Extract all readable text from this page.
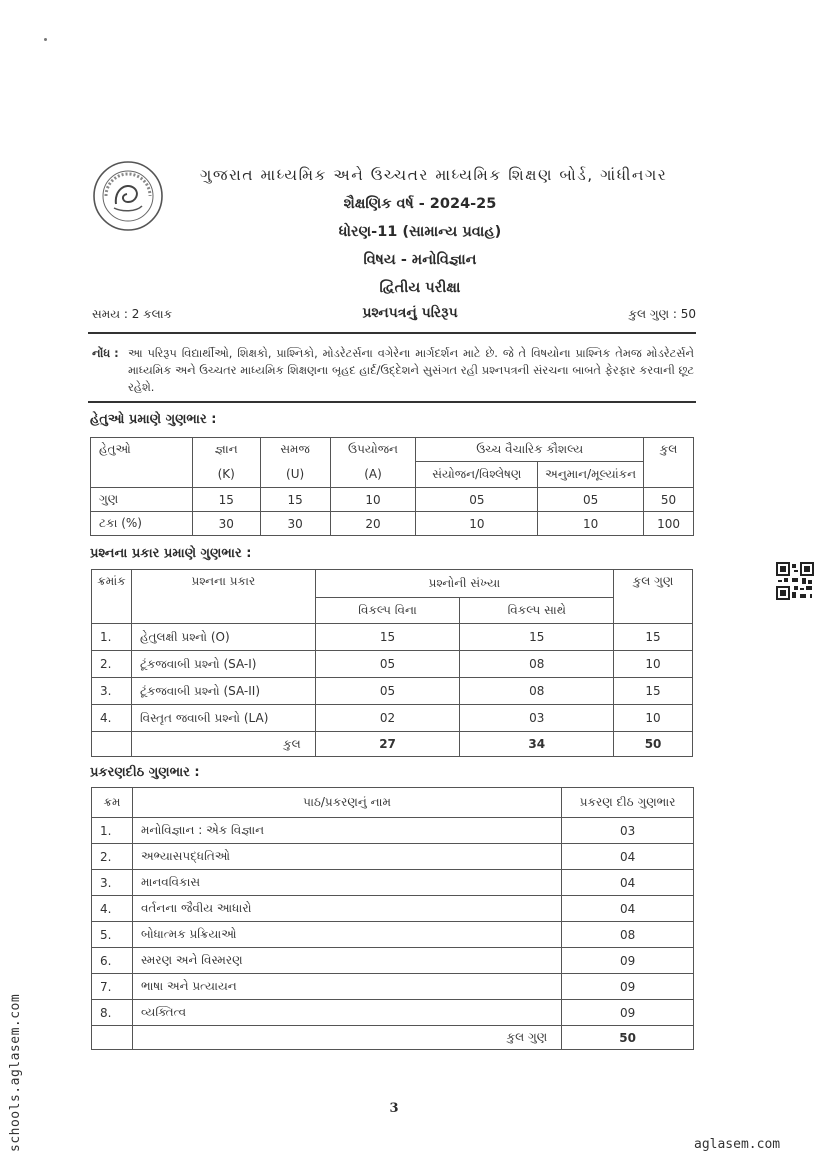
ગુજરાત માધ્યમિક અને ઉચ્ચતર માધ્યમિક શિક્ષણ બોર્ડ, ગાંધીનગર
શૈક્ષણિક વર્ષ - 2024-25
ધોરણ-11 (સામાન્ય પ્રવાહ)
વિષય - મનોવિજ્ઞાન
દ્વિતીય પરીક્ષા
સમય : 2 કલાક	પ્રશ્નપત્રનું પરિરૂપ	કુલ ગુણ : 50
નોંધ : આ પરિરૂપ વિદ્યાર્થીઓ, શિક્ષકો, પ્રાશ્નિકો, મોડરેટર્સના વગેરેના માર્ગદર્શન માટે છે. જે તે વિષયોના પ્રાશ્નિક તેમજ મોડરેટર્સને માધ્યમિક અને ઉચ્ચતર માધ્યમિક શિક્ષણના બૃહદ હાર્દ/ઉદ્દેશને સુસંગત રહી પ્રશ્નપત્રની સંરચના બાબતે ફેરફાર કરવાની છૂટ રહેશે.
હેતુઓ પ્રમાણે ગુણભાર :
હેતુઓ	જ્ઞાન	સમજ	ઉપયોજન	ઉચ્ચ વૈચારિક કૌશલ્ય		કુલ
	(K)	(U)	(A)	સંયોજન/વિશ્લેષણ	અનુમાન/મૂલ્યાંકન	
ગુણ	15	15	10	05	05	50
ટકા (%)	30	30	20	10	10	100
પ્રશ્નના પ્રકાર પ્રમાણે ગુણભાર :
ક્રમાંક	પ્રશ્નના પ્રકાર	પ્રશ્નોની સંખ્યા		કુલ ગુણ
		વિકલ્પ વિના	વિકલ્પ સાથે	
1.	હેતુલક્ષી પ્રશ્નો (O)	15	15	15
2.	ટૂંકજવાબી પ્રશ્નો (SA-I)	05	08	10
3.	ટૂંકજવાબી પ્રશ્નો (SA-II)	05	08	15
4.	વિસ્તૃત જવાબી પ્રશ્નો (LA)	02	03	10
	કુલ	27	34	50
પ્રકરણદીઠ ગુણભાર :
ક્રમ	પાઠ/પ્રકરણનું નામ	પ્રકરણ દીઠ ગુણભાર
1.	મનોવિજ્ઞાન : એક વિજ્ઞાન	03
2.	અભ્યાસપદ્ધતિઓ	04
3.	માનવવિકાસ	04
4.	વર્તનના જૈવીય આધારો	04
5.	બોધાત્મક પ્રક્રિયાઓ	08
6.	સ્મરણ અને વિસ્મરણ	09
7.	ભાષા અને પ્રત્યાયન	09
8.	વ્યક્તિત્વ	09
	કુલ ગુણ	50
3
schools.aglasem.com	aglasem.com
